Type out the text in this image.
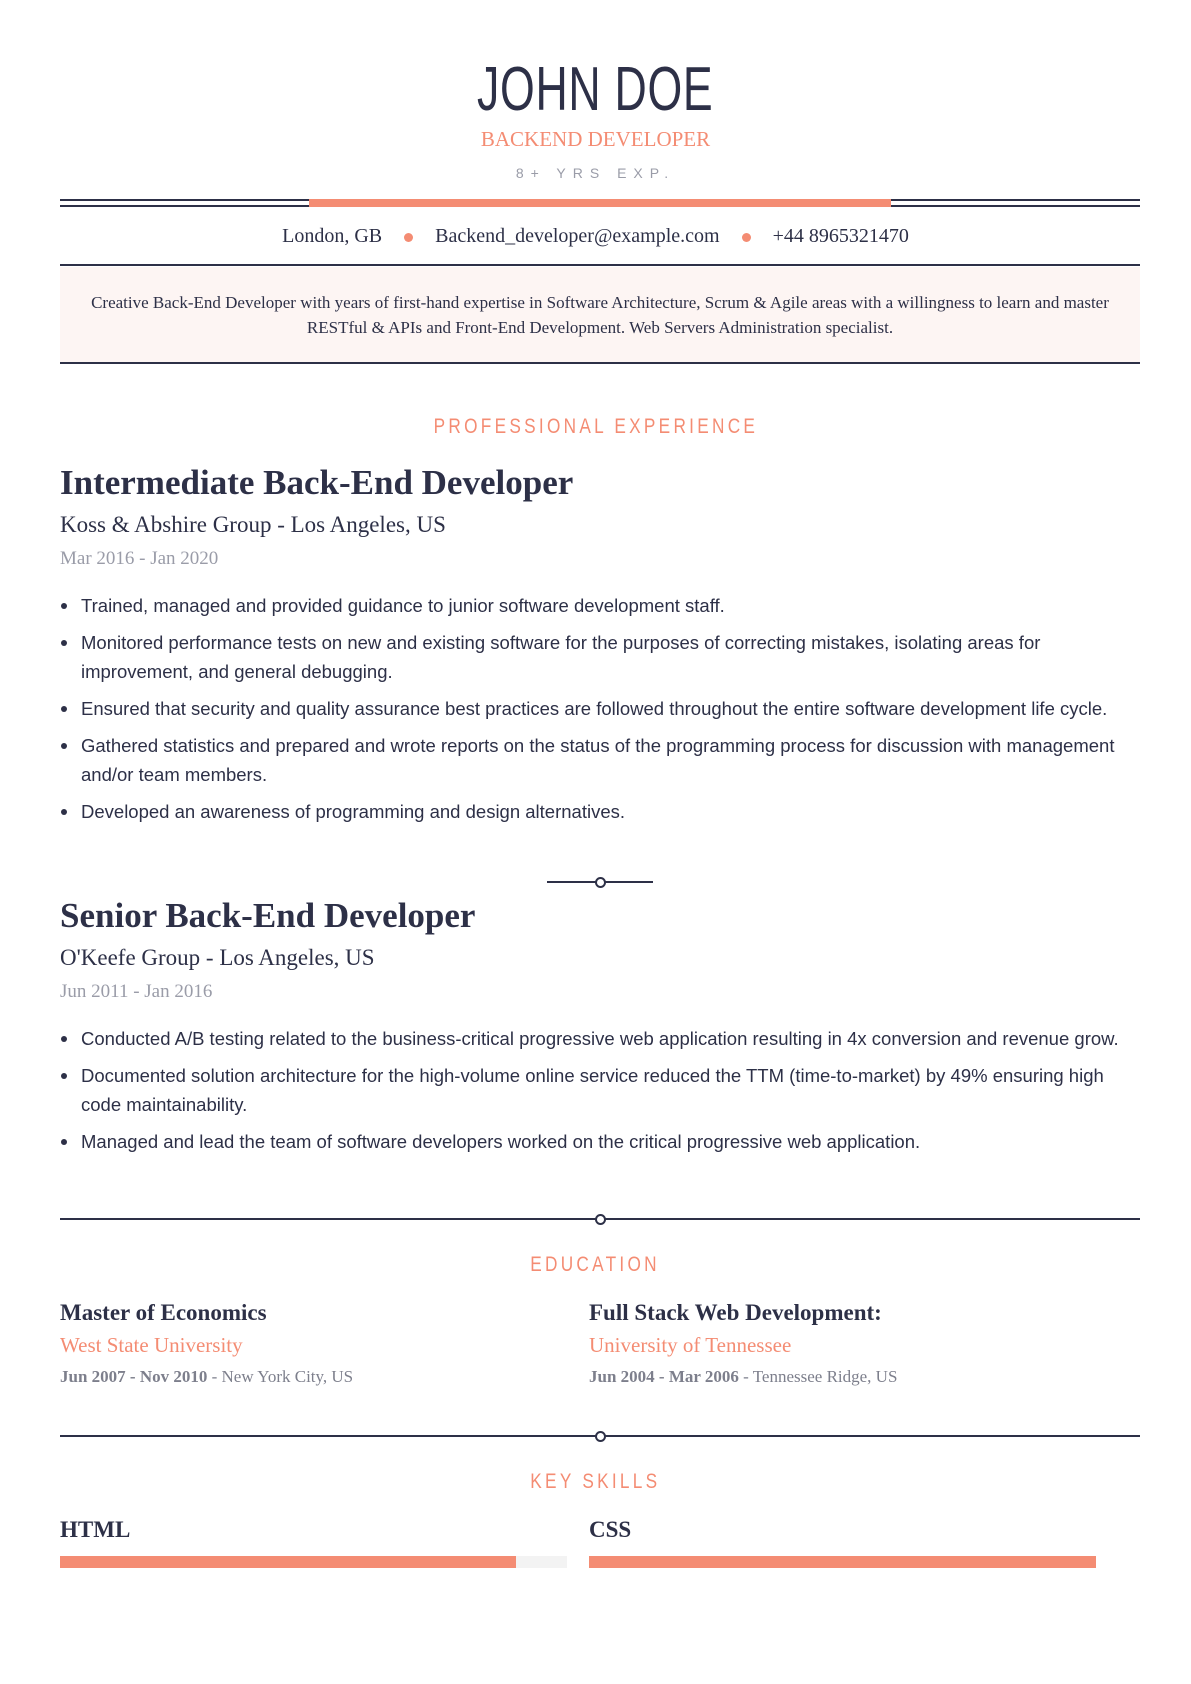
JOHN DOE
BACKEND DEVELOPER
8+ YRS EXP.
London, GB	Backend_developer@example.com	+44 8965321470

Creative Back-End Developer with years of first-hand expertise in Software Architecture, Scrum & Agile areas with a willingness to learn and master RESTful & APIs and Front-End Development. Web Servers Administration specialist.

PROFESSIONAL EXPERIENCE
Intermediate Back-End Developer
Koss & Abshire Group - Los Angeles, US
Mar 2016 - Jan 2020
Trained, managed and provided guidance to junior software development staff.
Monitored performance tests on new and existing software for the purposes of correcting mistakes, isolating areas for improvement, and general debugging.
Ensured that security and quality assurance best practices are followed throughout the entire software development life cycle.
Gathered statistics and prepared and wrote reports on the status of the programming process for discussion with management and/or team members.
Developed an awareness of programming and design alternatives.
Senior Back-End Developer
O'Keefe Group - Los Angeles, US
Jun 2011 - Jan 2016
Conducted A/B testing related to the business-critical progressive web application resulting in 4x conversion and revenue grow.
Documented solution architecture for the high-volume online service reduced the TTM (time-to-market) by 49% ensuring high code maintainability.
Managed and lead the team of software developers worked on the critical progressive web application.
EDUCATION
Master of Economics
West State University
Jun 2007 - Nov 2010 - New York City, US
Full Stack Web Development:
University of Tennessee
Jun 2004 - Mar 2006 - Tennessee Ridge, US
KEY SKILLS
HTML	CSS
